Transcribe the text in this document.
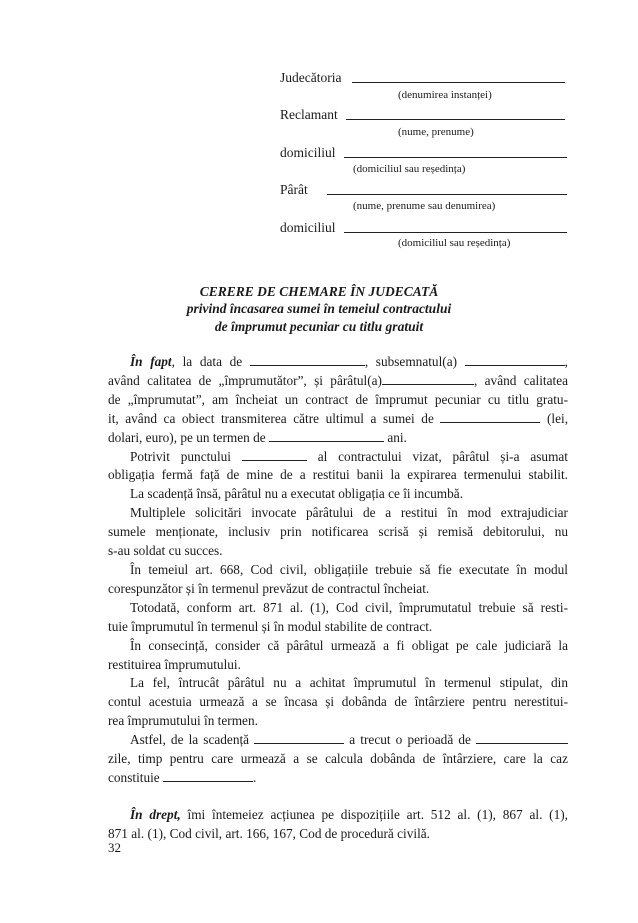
Judecătoria
(denumirea instanței)
Reclamant
(nume, prenume)
domiciliul
(domiciliul sau reședința)
Pârât
(nume, prenume sau denumirea)
domiciliul
(domiciliul sau reședința)
CERERE DE CHEMARE ÎN JUDECATĂ
privind încasarea sumei în temeiul contractului
de împrumut pecuniar cu titlu gratuit
În fapt, la data de	, subsemnatul(a)	,
având calitatea de „împrumutător”, și pârâtul(a)	, având calitatea
de „împrumutat”, am încheiat un contract de împrumut pecuniar cu titlu gratu-
it, având ca obiect transmiterea către ultimul a sumei de	(lei,
dolari, euro), pe un termen de	ani.
Potrivit punctului	al contractului vizat, pârâtul și-a asumat
obligația fermă față de mine de a restitui banii la expirarea termenului stabilit.
La scadență însă, pârâtul nu a executat obligația ce îi incumbă.
Multiplele solicitări invocate pârâtului de a restitui în mod extrajudiciar
sumele menționate, inclusiv prin notificarea scrisă și remisă debitorului, nu
s-au soldat cu succes.
În temeiul art. 668, Cod civil, obligațiile trebuie să fie executate în modul
corespunzător și în termenul prevăzut de contractul încheiat.
Totodată, conform art. 871 al. (1), Cod civil, împrumutatul trebuie să resti-
tuie împrumutul în termenul și în modul stabilite de contract.
În consecință, consider că pârâtul urmează a fi obligat pe cale judiciară la
restituirea împrumutului.
La fel, întrucât pârâtul nu a achitat împrumutul în termenul stipulat, din
contul acestuia urmează a se încasa și dobânda de întârziere pentru nerestitui-
rea împrumutului în termen.
Astfel, de la scadență	a trecut o perioadă de
zile, timp pentru care urmează a se calcula dobânda de întârziere, care la caz
constituie	.
În drept, îmi întemeiez acțiunea pe dispozițiile art. 512 al. (1), 867 al. (1),
871 al. (1), Cod civil, art. 166, 167, Cod de procedură civilă.
32
